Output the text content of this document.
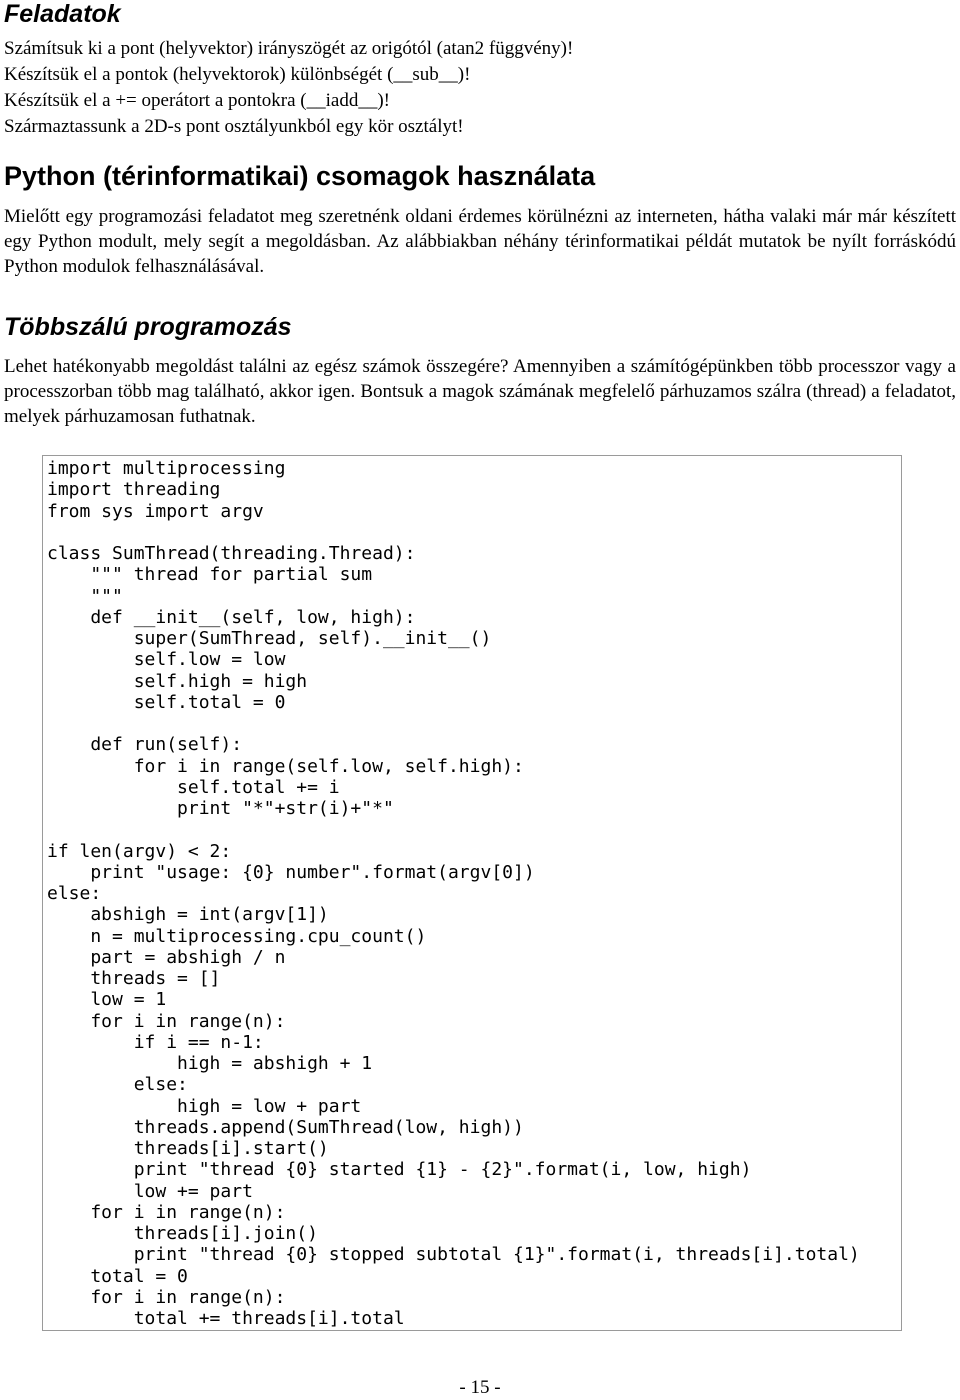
Feladatok
Számítsuk ki a pont (helyvektor) irányszögét az origótól (atan2 függvény)!
Készítsük el a pontok (helyvektorok) különbségét (__sub__)!
Készítsük el a += operátort a pontokra (__iadd__)!
Származtassunk a 2D-s pont osztályunkból egy kör osztályt!
Python (térinformatikai) csomagok használata

Mielőtt egy programozási feladatot meg szeretnénk oldani érdemes körülnézni az interneten, hátha valaki már már készített egy Python modult, mely segít a megoldásban. Az alábbiakban néhány térinformatikai példát mutatok be nyílt forráskódú Python modulok felhasználásával.

Többszálú programozás

Lehet hatékonyabb megoldást találni az egész számok összegére? Amennyiben a számítógépünkben több processzor vagy a processzorban több mag található, akkor igen. Bontsuk a magok számának megfelelő párhuzamos szálra (thread) a feladatot, melyek párhuzamosan futhatnak.

import multiprocessing
import threading
from sys import argv
class SumThread(threading.Thread):
""" thread for partial sum
"""
def __init__(self, low, high):
super(SumThread, self).__init__()
self.low = low
self.high = high
self.total = 0
def run(self):
for i in range(self.low, self.high):
self.total += i
print "*"+str(i)+"*"
if len(argv) < 2:
print "usage: {0} number".format(argv[0])
else:
abshigh = int(argv[1])
n = multiprocessing.cpu_count()
part = abshigh / n
threads = []
low = 1
for i in range(n):
if i == n-1:
high = abshigh + 1
else:
high = low + part
threads.append(SumThread(low, high))
threads[i].start()
print "thread {0} started {1} - {2}".format(i, low, high)
low += part
for i in range(n):
threads[i].join()
print "thread {0} stopped subtotal {1}".format(i, threads[i].total)
total = 0
for i in range(n):
total += threads[i].total
- 15 -
